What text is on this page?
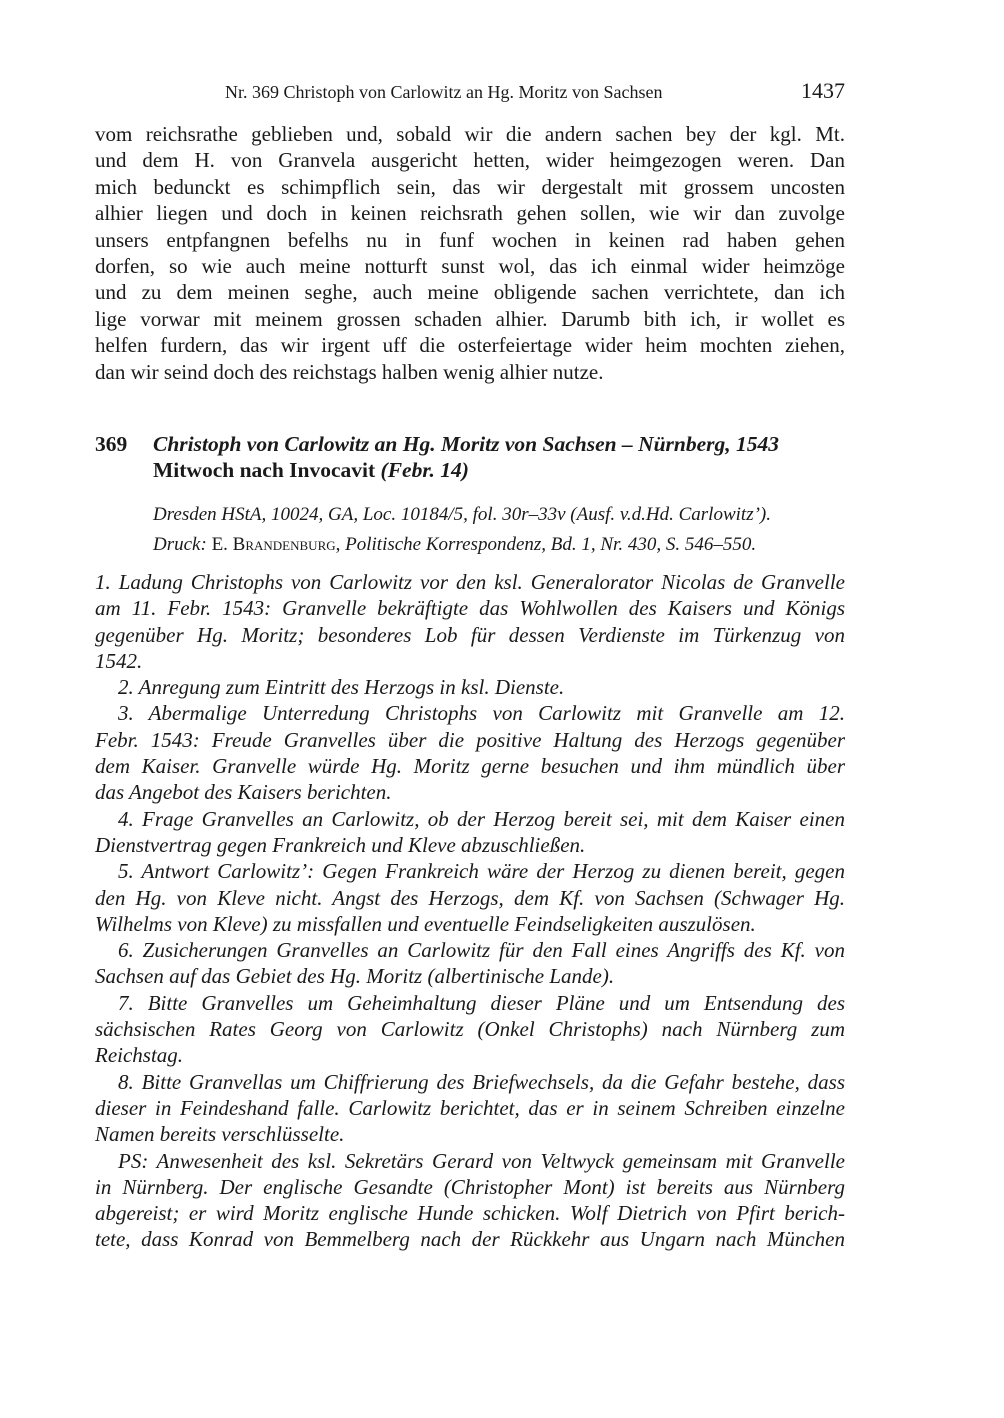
Nr. 369 Christoph von Carlowitz an Hg. Moritz von Sachsen	1437
vom reichsrathe geblieben und, sobald wir die andern sachen bey der kgl. Mt.
und dem H. von Granvela ausgericht hetten, wider heimgezogen weren. Dan
mich bedunckt es schimpflich sein, das wir dergestalt mit grossem uncosten
alhier liegen und doch in keinen reichsrath gehen sollen, wie wir dan zuvolge
unsers entpfangnen befelhs nu in funf wochen in keinen rad haben gehen
dorfen, so wie auch meine notturft sunst wol, das ich einmal wider heimzöge
und zu dem meinen seghe, auch meine obligende sachen verrichtete, dan ich
lige vorwar mit meinem grossen schaden alhier. Darumb bith ich, ir wollet es
helfen furdern, das wir irgent uff die osterfeiertage wider heim mochten ziehen,
dan wir seind doch des reichstags halben wenig alhier nutze.
369 Christoph von Carlowitz an Hg. Moritz von Sachsen – Nürnberg, 1543
Mitwoch nach Invocavit (Febr. 14)
Dresden HStA, 10024, GA, Loc. 10184/5, fol. 30r–33v (Ausf. v.d.Hd. Carlowitz’).
Druck: E. Brandenburg, Politische Korrespondenz, Bd. 1, Nr. 430, S. 546–550.
1. Ladung Christophs von Carlowitz vor den ksl. Generalorator Nicolas de Granvelle
am 11. Febr. 1543: Granvelle bekräftigte das Wohlwollen des Kaisers und Königs
gegenüber Hg. Moritz; besonderes Lob für dessen Verdienste im Türkenzug von
1542.
2. Anregung zum Eintritt des Herzogs in ksl. Dienste.
3. Abermalige Unterredung Christophs von Carlowitz mit Granvelle am 12.
Febr. 1543: Freude Granvelles über die positive Haltung des Herzogs gegenüber
dem Kaiser. Granvelle würde Hg. Moritz gerne besuchen und ihm mündlich über
das Angebot des Kaisers berichten.
4. Frage Granvelles an Carlowitz, ob der Herzog bereit sei, mit dem Kaiser einen
Dienstvertrag gegen Frankreich und Kleve abzuschließen.
5. Antwort Carlowitz’: Gegen Frankreich wäre der Herzog zu dienen bereit, gegen
den Hg. von Kleve nicht. Angst des Herzogs, dem Kf. von Sachsen (Schwager Hg.
Wilhelms von Kleve) zu missfallen und eventuelle Feindseligkeiten auszulösen.
6. Zusicherungen Granvelles an Carlowitz für den Fall eines Angriffs des Kf. von
Sachsen auf das Gebiet des Hg. Moritz (albertinische Lande).
7. Bitte Granvelles um Geheimhaltung dieser Pläne und um Entsendung des
sächsischen Rates Georg von Carlowitz (Onkel Christophs) nach Nürnberg zum
Reichstag.
8. Bitte Granvellas um Chiffrierung des Briefwechsels, da die Gefahr bestehe, dass
dieser in Feindeshand falle. Carlowitz berichtet, das er in seinem Schreiben einzelne
Namen bereits verschlüsselte.
PS: Anwesenheit des ksl. Sekretärs Gerard von Veltwyck gemeinsam mit Granvelle
in Nürnberg. Der englische Gesandte (Christopher Mont) ist bereits aus Nürnberg
abgereist; er wird Moritz englische Hunde schicken. Wolf Dietrich von Pfirt berich-
tete, dass Konrad von Bemmelberg nach der Rückkehr aus Ungarn nach München
